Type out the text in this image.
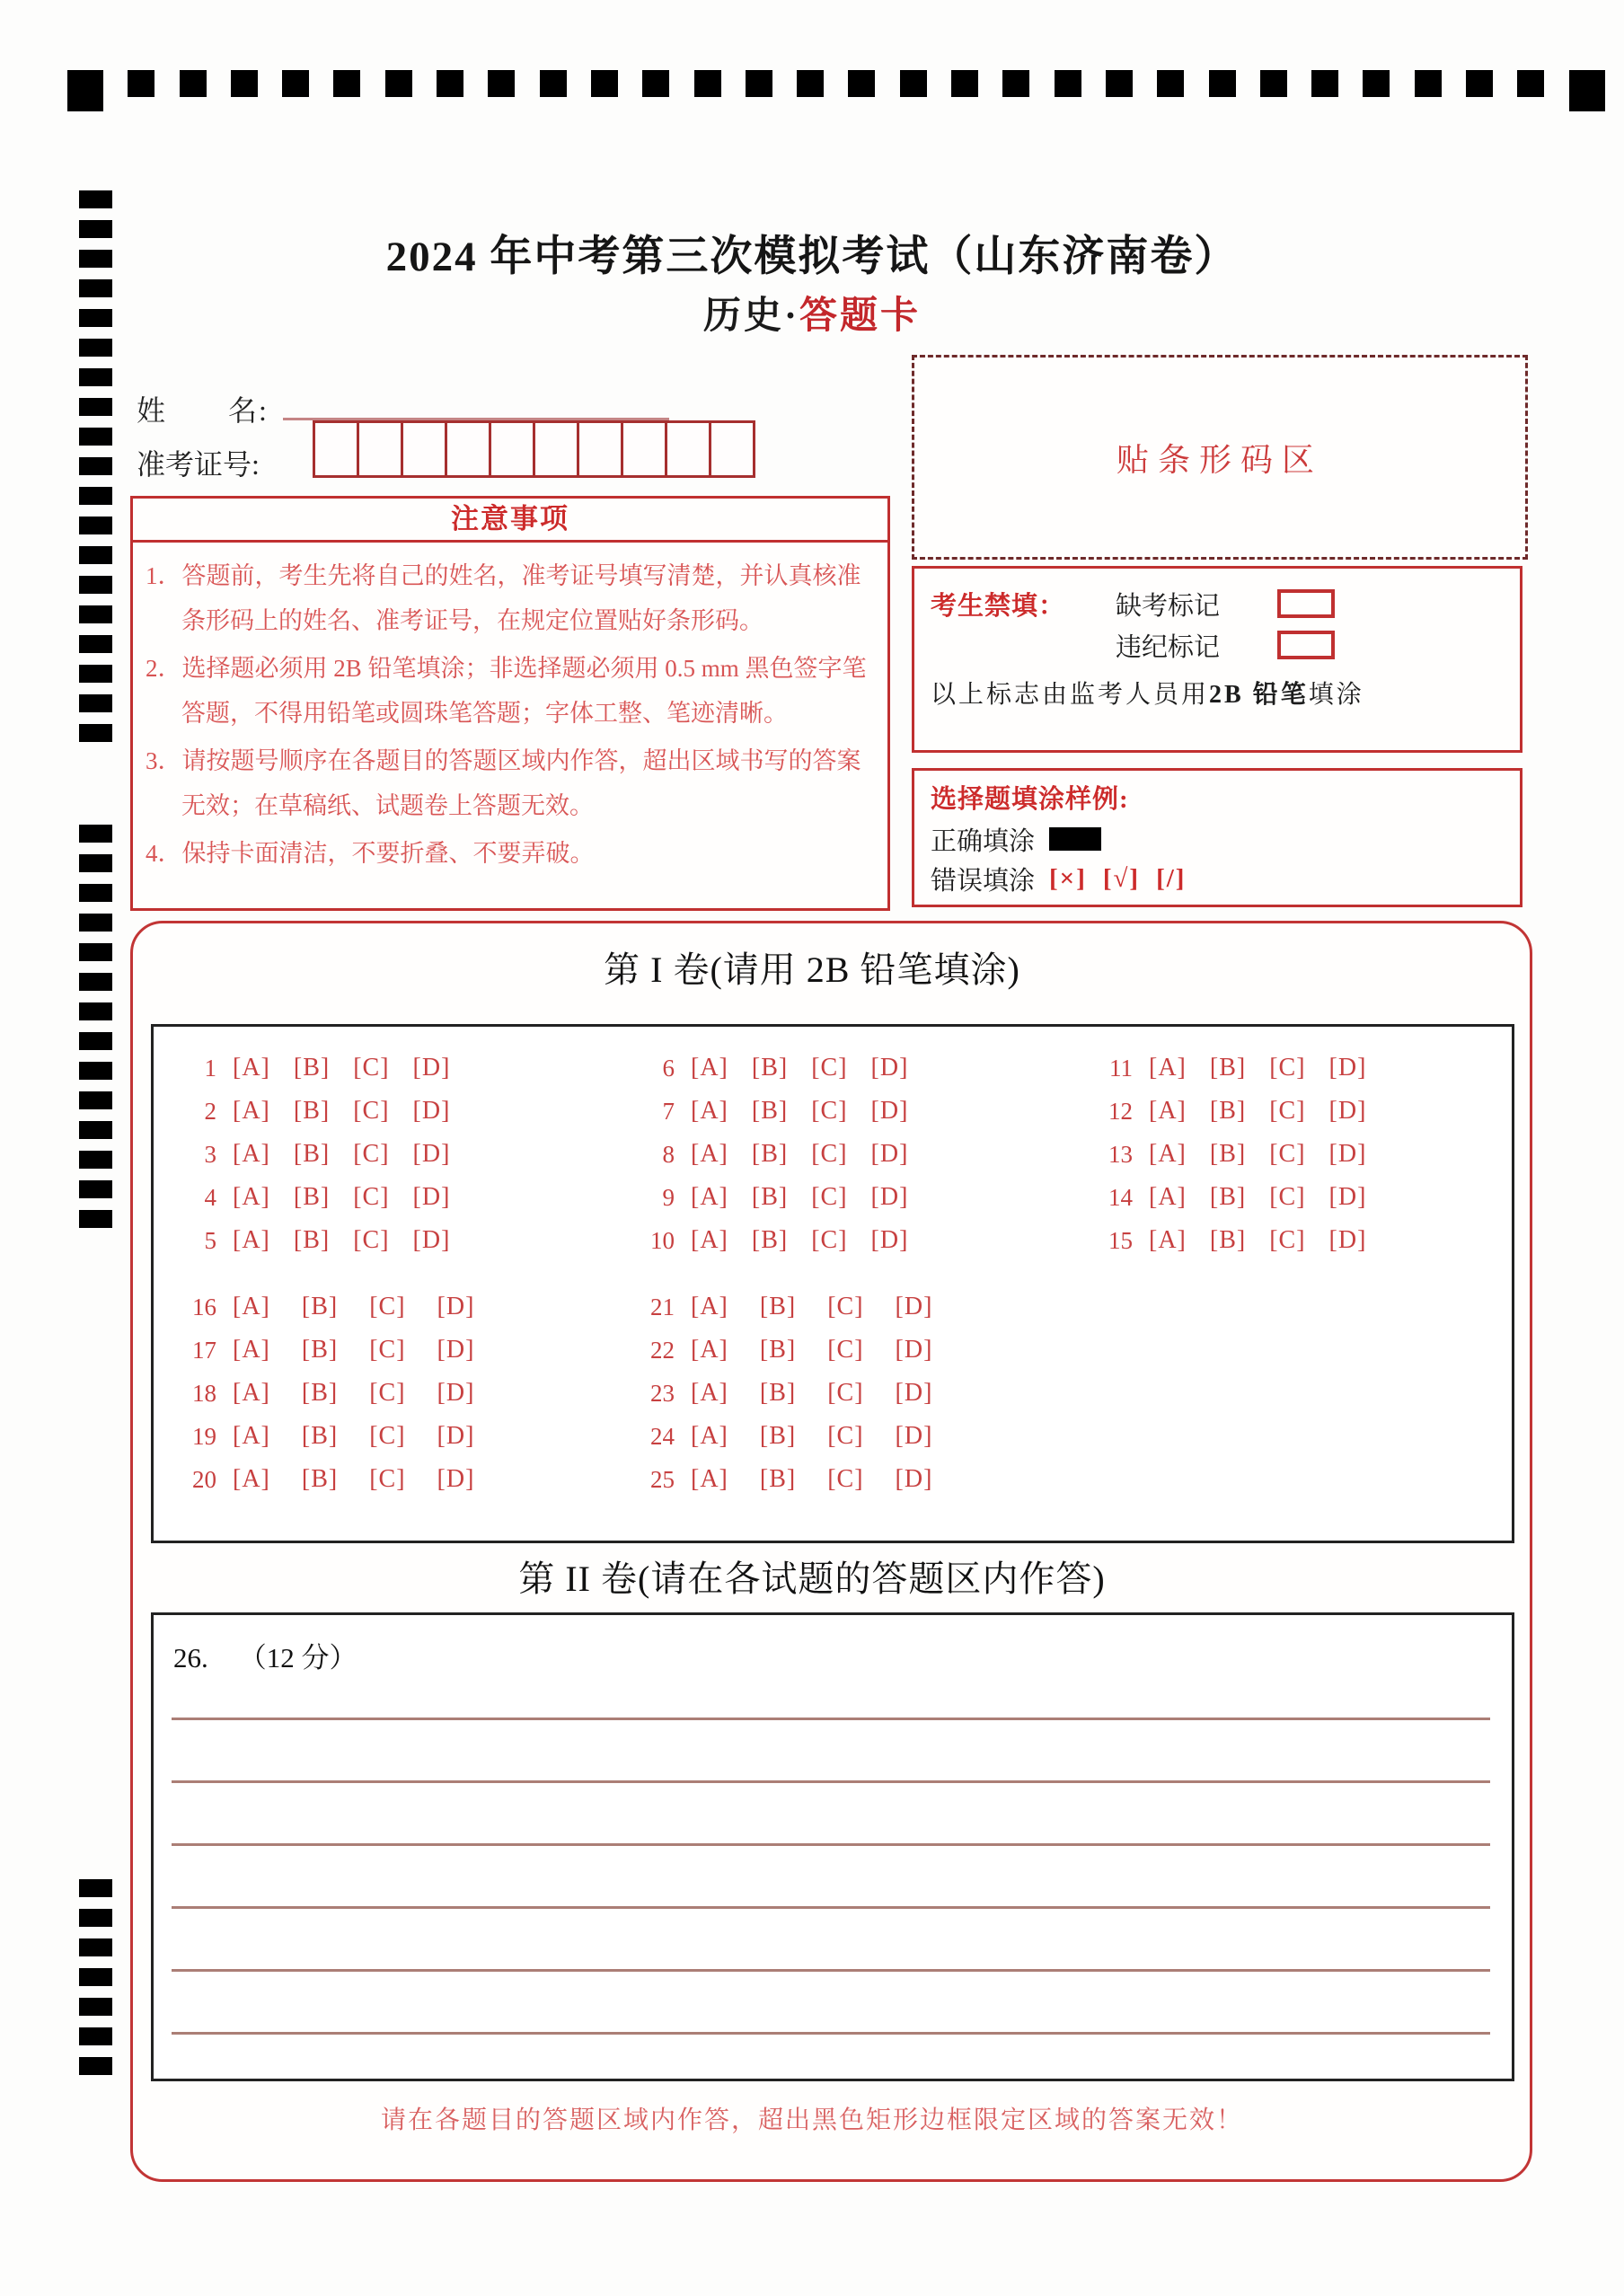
2024 年中考第三次模拟考试（山东济南卷）
历史·答题卡
姓　　名:
准考证号:
注意事项
1．答题前，考生先将自己的姓名，准考证号填写清楚，并认真核准条形码上的姓名、准考证号，在规定位置贴好条形码。
2．选择题必须用 2B 铅笔填涂；非选择题必须用 0.5 mm 黑色签字笔答题，不得用铅笔或圆珠笔答题；字体工整、笔迹清晰。
3．请按题号顺序在各题目的答题区域内作答，超出区域书写的答案无效；在草稿纸、试题卷上答题无效。
4．保持卡面清洁，不要折叠、不要弄破。
贴条形码区
考生禁填：	缺考标记
违纪标记
以上标志由监考人员用2B 铅笔填涂
选择题填涂样例:
正确填涂
错误填涂 [×] [√] [/]
第 I 卷(请用 2B 铅笔填涂)
1 [A] [B] [C] [D]
2 [A] [B] [C] [D]
3 [A] [B] [C] [D]
4 [A] [B] [C] [D]
5 [A] [B] [C] [D]
6 [A] [B] [C] [D]
7 [A] [B] [C] [D]
8 [A] [B] [C] [D]
9 [A] [B] [C] [D]
10 [A] [B] [C] [D]
11 [A] [B] [C] [D]
12 [A] [B] [C] [D]
13 [A] [B] [C] [D]
14 [A] [B] [C] [D]
15 [A] [B] [C] [D]
16 [A] [B] [C] [D]
17 [A] [B] [C] [D]
18 [A] [B] [C] [D]
19 [A] [B] [C] [D]
20 [A] [B] [C] [D]
21 [A] [B] [C] [D]
22 [A] [B] [C] [D]
23 [A] [B] [C] [D]
24 [A] [B] [C] [D]
25 [A] [B] [C] [D]
第 II 卷(请在各试题的答题区内作答)
26. （12 分）
请在各题目的答题区域内作答，超出黑色矩形边框限定区域的答案无效！
